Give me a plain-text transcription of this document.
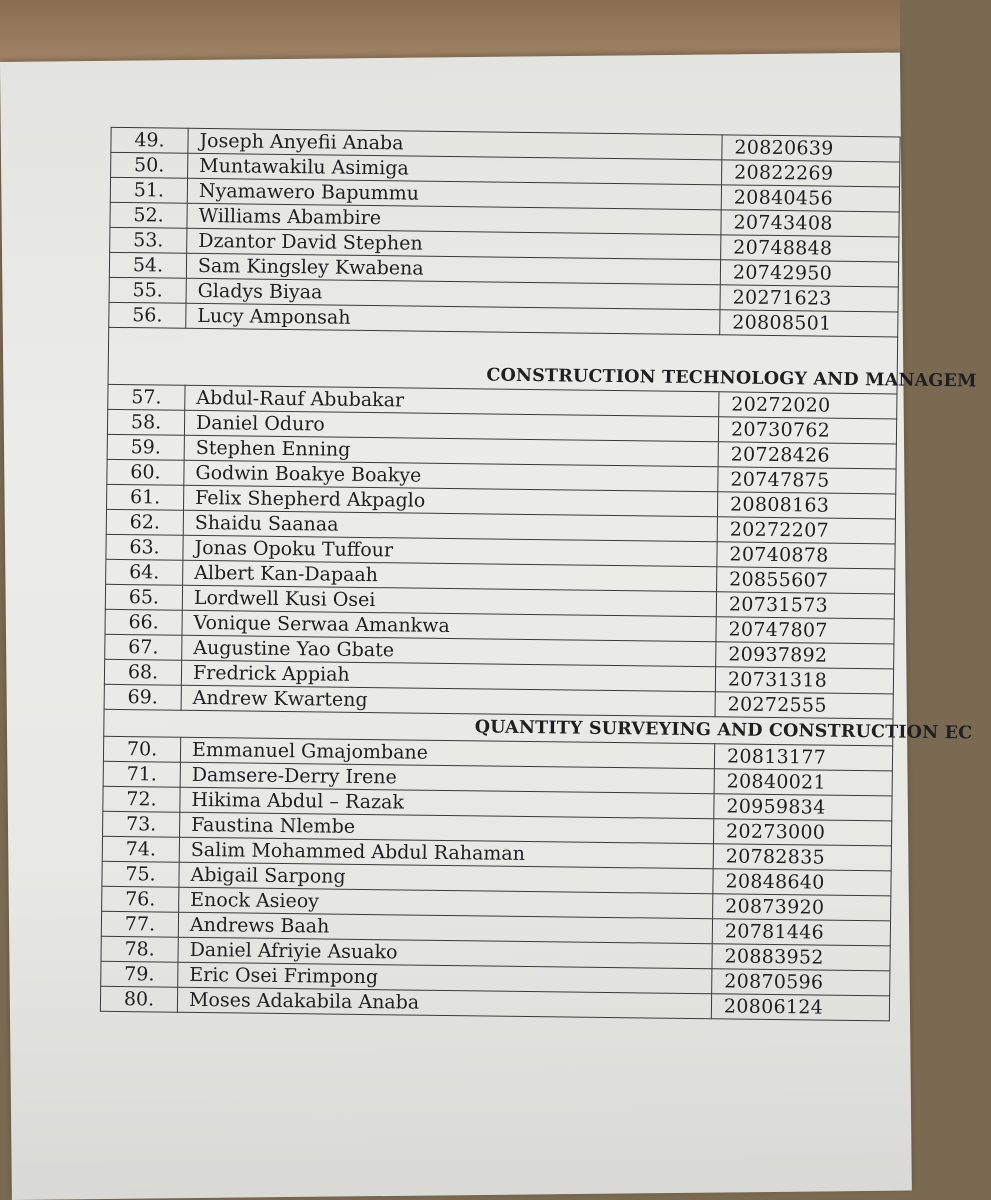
49.	Joseph Anyefii Anaba	20820639
50.	Muntawakilu Asimiga	20822269
51.	Nyamawero Bapummu	20840456
52.	Williams Abambire	20743408
53.	Dzantor David Stephen	20748848
54.	Sam Kingsley Kwabena	20742950
55.	Gladys Biyaa	20271623
56.	Lucy Amponsah	20808501

CONSTRUCTION TECHNOLOGY AND MANAGEM		
57.	Abdul-Rauf Abubakar	20272020
58.	Daniel Oduro	20730762
59.	Stephen Enning	20728426
60.	Godwin Boakye Boakye	20747875
61.	Felix Shepherd Akpaglo	20808163
62.	Shaidu Saanaa	20272207
63.	Jonas Opoku Tuffour	20740878
64.	Albert Kan-Dapaah	20855607
65.	Lordwell Kusi Osei	20731573
66.	Vonique Serwaa Amankwa	20747807
67.	Augustine Yao Gbate	20937892
68.	Fredrick Appiah	20731318
69.	Andrew Kwarteng	20272555
QUANTITY SURVEYING AND CONSTRUCTION EC		
70.	Emmanuel Gmajombane	20813177
71.	Damsere-Derry Irene	20840021
72.	Hikima Abdul – Razak	20959834
73.	Faustina Nlembe	20273000
74.	Salim Mohammed Abdul Rahaman	20782835
75.	Abigail Sarpong	20848640
76.	Enock Asieoy	20873920
77.	Andrews Baah	20781446
78.	Daniel Afriyie Asuako	20883952
79.	Eric Osei Frimpong	20870596
80.	Moses Adakabila Anaba	20806124
